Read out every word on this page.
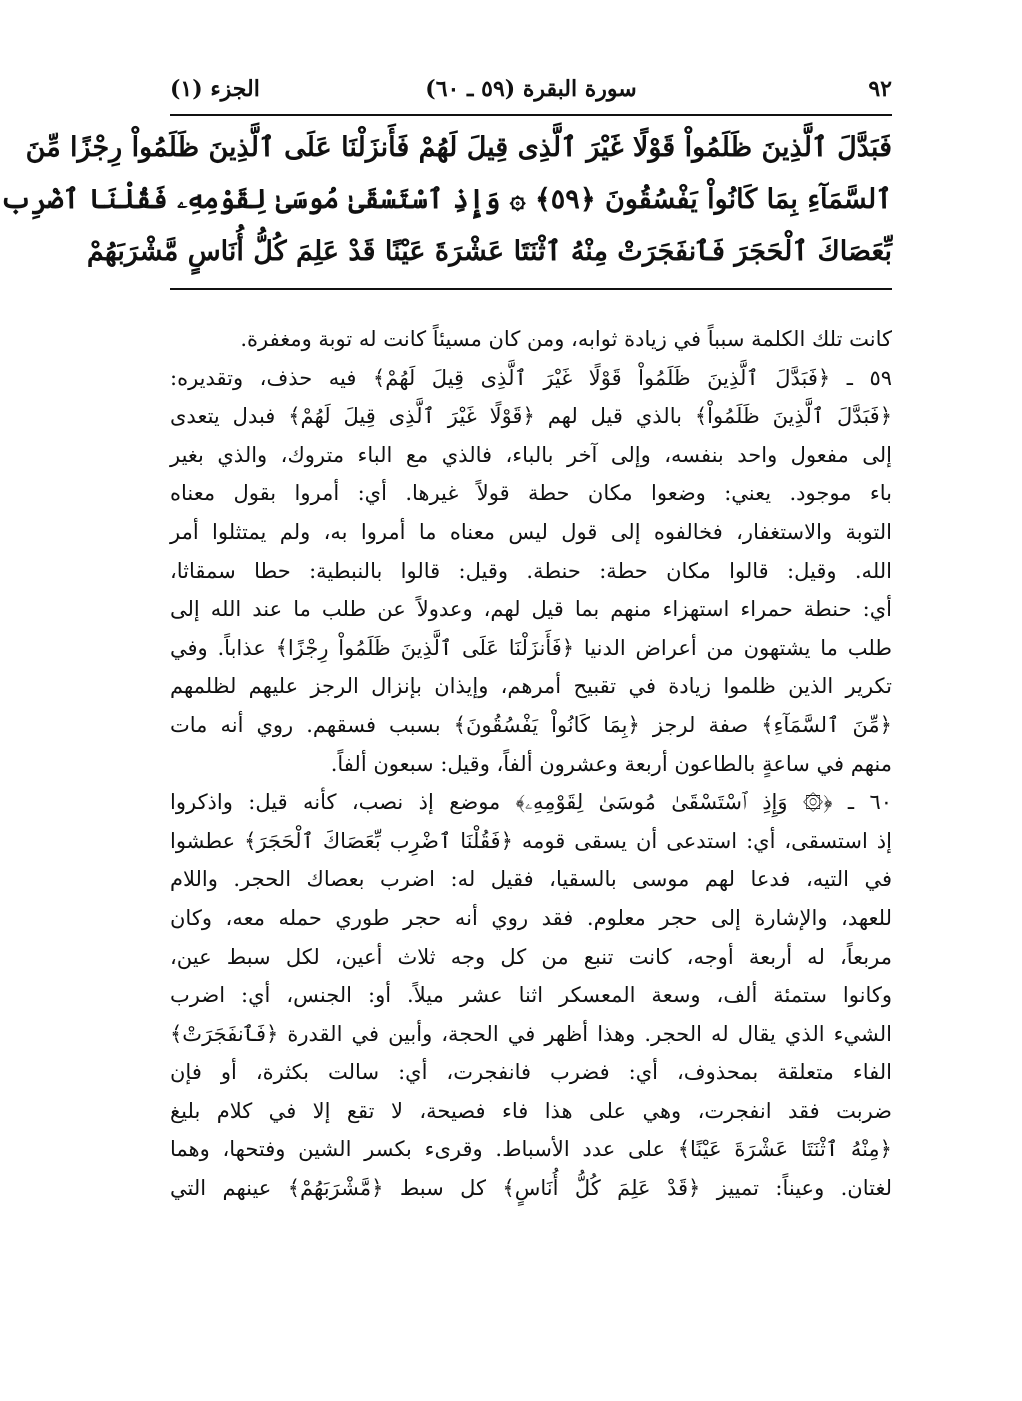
٩٢
سورة البقرة (٥٩ ـ ٦٠)
الجزء (١)
فَبَدَّلَ ٱلَّذِينَ ظَلَمُواْ قَوْلًا غَيْرَ ٱلَّذِى قِيلَ لَهُمْ فَأَنزَلْنَا عَلَى ٱلَّذِينَ ظَلَمُواْ رِجْزًا مِّنَ
ٱلسَّمَآءِ بِمَا كَانُواْ يَفْسُقُونَ ﴿٥٩﴾ ۞ وَإِذِ ٱسْتَسْقَىٰ مُوسَىٰ لِقَوْمِهِۦ فَقُلْنَا ٱضْرِب
بِّعَصَاكَ ٱلْحَجَرَ فَٱنفَجَرَتْ مِنْهُ ٱثْنَتَا عَشْرَةَ عَيْنًا قَدْ عَلِمَ كُلُّ أُنَاسٍ مَّشْرَبَهُمْ
كانت تلك الكلمة سبباً في زيادة ثوابه، ومن كان مسيئاً كانت له توبة ومغفرة.
٥٩ ـ ﴿فَبَدَّلَ ٱلَّذِينَ ظَلَمُواْ قَوْلًا غَيْرَ ٱلَّذِى قِيلَ لَهُمْ﴾ فيه حذف، وتقديره:
﴿فَبَدَّلَ ٱلَّذِينَ ظَلَمُواْ﴾ بالذي قيل لهم ﴿قَوْلًا غَيْرَ ٱلَّذِى قِيلَ لَهُمْ﴾ فبدل يتعدى
إلى مفعول واحد بنفسه، وإلى آخر بالباء، فالذي مع الباء متروك، والذي بغير
باء موجود. يعني: وضعوا مكان حطة قولاً غيرها. أي: أمروا بقول معناه
التوبة والاستغفار، فخالفوه إلى قول ليس معناه ما أمروا به، ولم يمتثلوا أمر
الله. وقيل: قالوا مكان حطة: حنطة. وقيل: قالوا بالنبطية: حطا سمقاثا،
أي: حنطة حمراء استهزاء منهم بما قيل لهم، وعدولاً عن طلب ما عند الله إلى
طلب ما يشتهون من أعراض الدنيا ﴿فَأَنزَلْنَا عَلَى ٱلَّذِينَ ظَلَمُواْ رِجْزًا﴾ عذاباً. وفي
تكرير الذين ظلموا زيادة في تقبيح أمرهم، وإيذان بإنزال الرجز عليهم لظلمهم
﴿مِّنَ ٱلسَّمَآءِ﴾ صفة لرجز ﴿بِمَا كَانُواْ يَفْسُقُونَ﴾ بسبب فسقهم. روي أنه مات
منهم في ساعةٍ بالطاعون أربعة وعشرون ألفاً، وقيل: سبعون ألفاً.
٦٠ ـ ﴿۞ وَإِذِ ٱسْتَسْقَىٰ مُوسَىٰ لِقَوْمِهِۦ﴾ موضع إذ نصب، كأنه قيل: واذكروا
إذ استسقى، أي: استدعى أن يسقى قومه ﴿فَقُلْنَا ٱضْرِب بِّعَصَاكَ ٱلْحَجَرَ﴾ عطشوا
في التيه، فدعا لهم موسى بالسقيا، فقيل له: اضرب بعصاك الحجر. واللام
للعهد، والإشارة إلى حجر معلوم. فقد روي أنه حجر طوري حمله معه، وكان
مربعاً، له أربعة أوجه، كانت تنبع من كل وجه ثلاث أعين، لكل سبط عين،
وكانوا ستمئة ألف، وسعة المعسكر اثنا عشر ميلاً. أو: الجنس، أي: اضرب
الشيء الذي يقال له الحجر. وهذا أظهر في الحجة، وأبين في القدرة ﴿فَٱنفَجَرَتْ﴾
الفاء متعلقة بمحذوف، أي: فضرب فانفجرت، أي: سالت بكثرة، أو فإن
ضربت فقد انفجرت، وهي على هذا فاء فصيحة، لا تقع إلا في كلام بليغ
﴿مِنْهُ ٱثْنَتَا عَشْرَةَ عَيْنًا﴾ على عدد الأسباط. وقرىء بكسر الشين وفتحها، وهما
لغتان. وعيناً: تمييز ﴿قَدْ عَلِمَ كُلُّ أُنَاسٍ﴾ كل سبط ﴿مَّشْرَبَهُمْ﴾ عينهم التي
